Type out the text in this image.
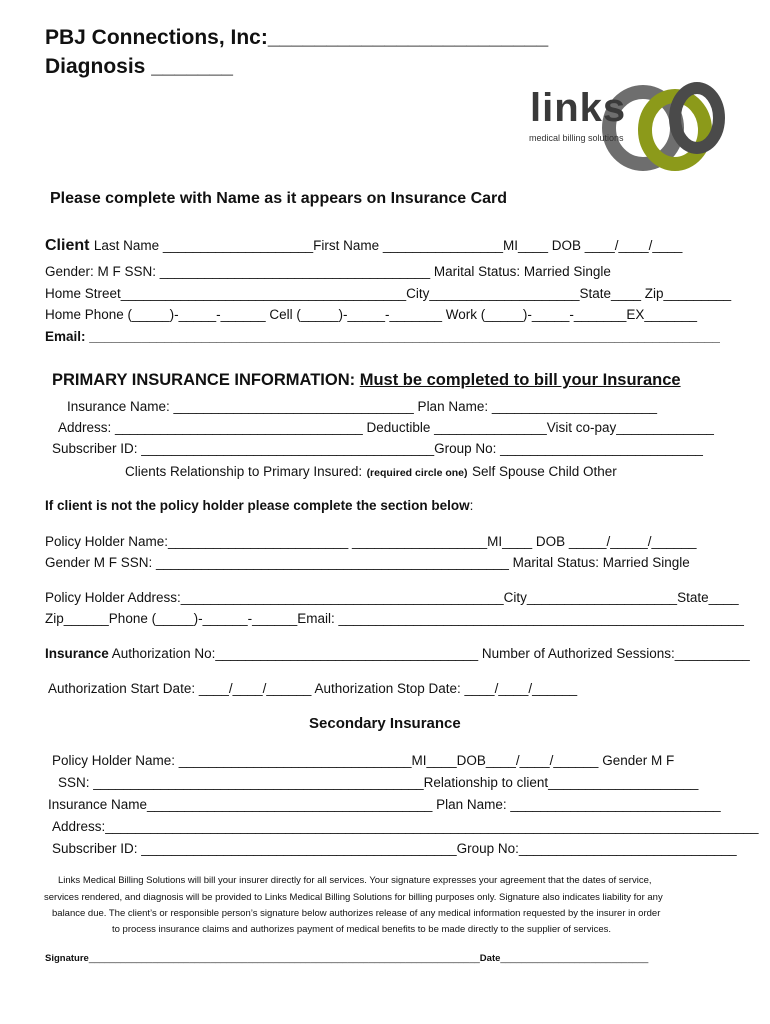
PBJ Connections, Inc:________________________
Diagnosis _______
links
medical billing solutions
Please complete with Name as it appears on Insurance Card
Client Last Name ____________________First Name ________________MI____ DOB ____/____/____
Gender: M F SSN: ____________________________________ Marital Status: Married Single
Home Street______________________________________City____________________State____ Zip_________
Home Phone (_____)-_____-______ Cell (_____)-_____-_______ Work (_____)-_____-_______EX_______
Email: ____________________________________________________________________________________
PRIMARY INSURANCE INFORMATION: Must be completed to bill your Insurance
Insurance Name: ________________________________ Plan Name: ______________________
Address: _________________________________ Deductible _______________Visit co-pay_____________
Subscriber ID: _______________________________________Group No: ___________________________
Clients Relationship to Primary Insured: (required circle one) Self Spouse Child Other
If client is not the policy holder please complete the section below:
Policy Holder Name:________________________ __________________MI____ DOB _____/_____/______
Gender M F SSN: _______________________________________________ Marital Status: Married Single
Policy Holder Address:___________________________________________City____________________State____
Zip______Phone (_____)-______-______Email: ______________________________________________________
Insurance Authorization No:___________________________________ Number of Authorized Sessions:__________
Authorization Start Date: ____/____/______ Authorization Stop Date: ____/____/______
Secondary Insurance
Policy Holder Name: _______________________________MI____DOB____/____/______ Gender M F
SSN: ____________________________________________Relationship to client____________________
Insurance Name______________________________________ Plan Name: ____________________________
Address:_______________________________________________________________________________________
Subscriber ID: __________________________________________Group No:_____________________________
Links Medical Billing Solutions will bill your insurer directly for all services. Your signature expresses your agreement that the dates of service,
services rendered, and diagnosis will be provided to Links Medical Billing Solutions for billing purposes only. Signature also indicates liability for any
balance due. The client’s or responsible person’s signature below authorizes release of any medical information requested by the insurer in order
to process insurance claims and authorizes payment of medical benefits to be made directly to the supplier of services.
Signature__________________________________________________________________________Date____________________________
